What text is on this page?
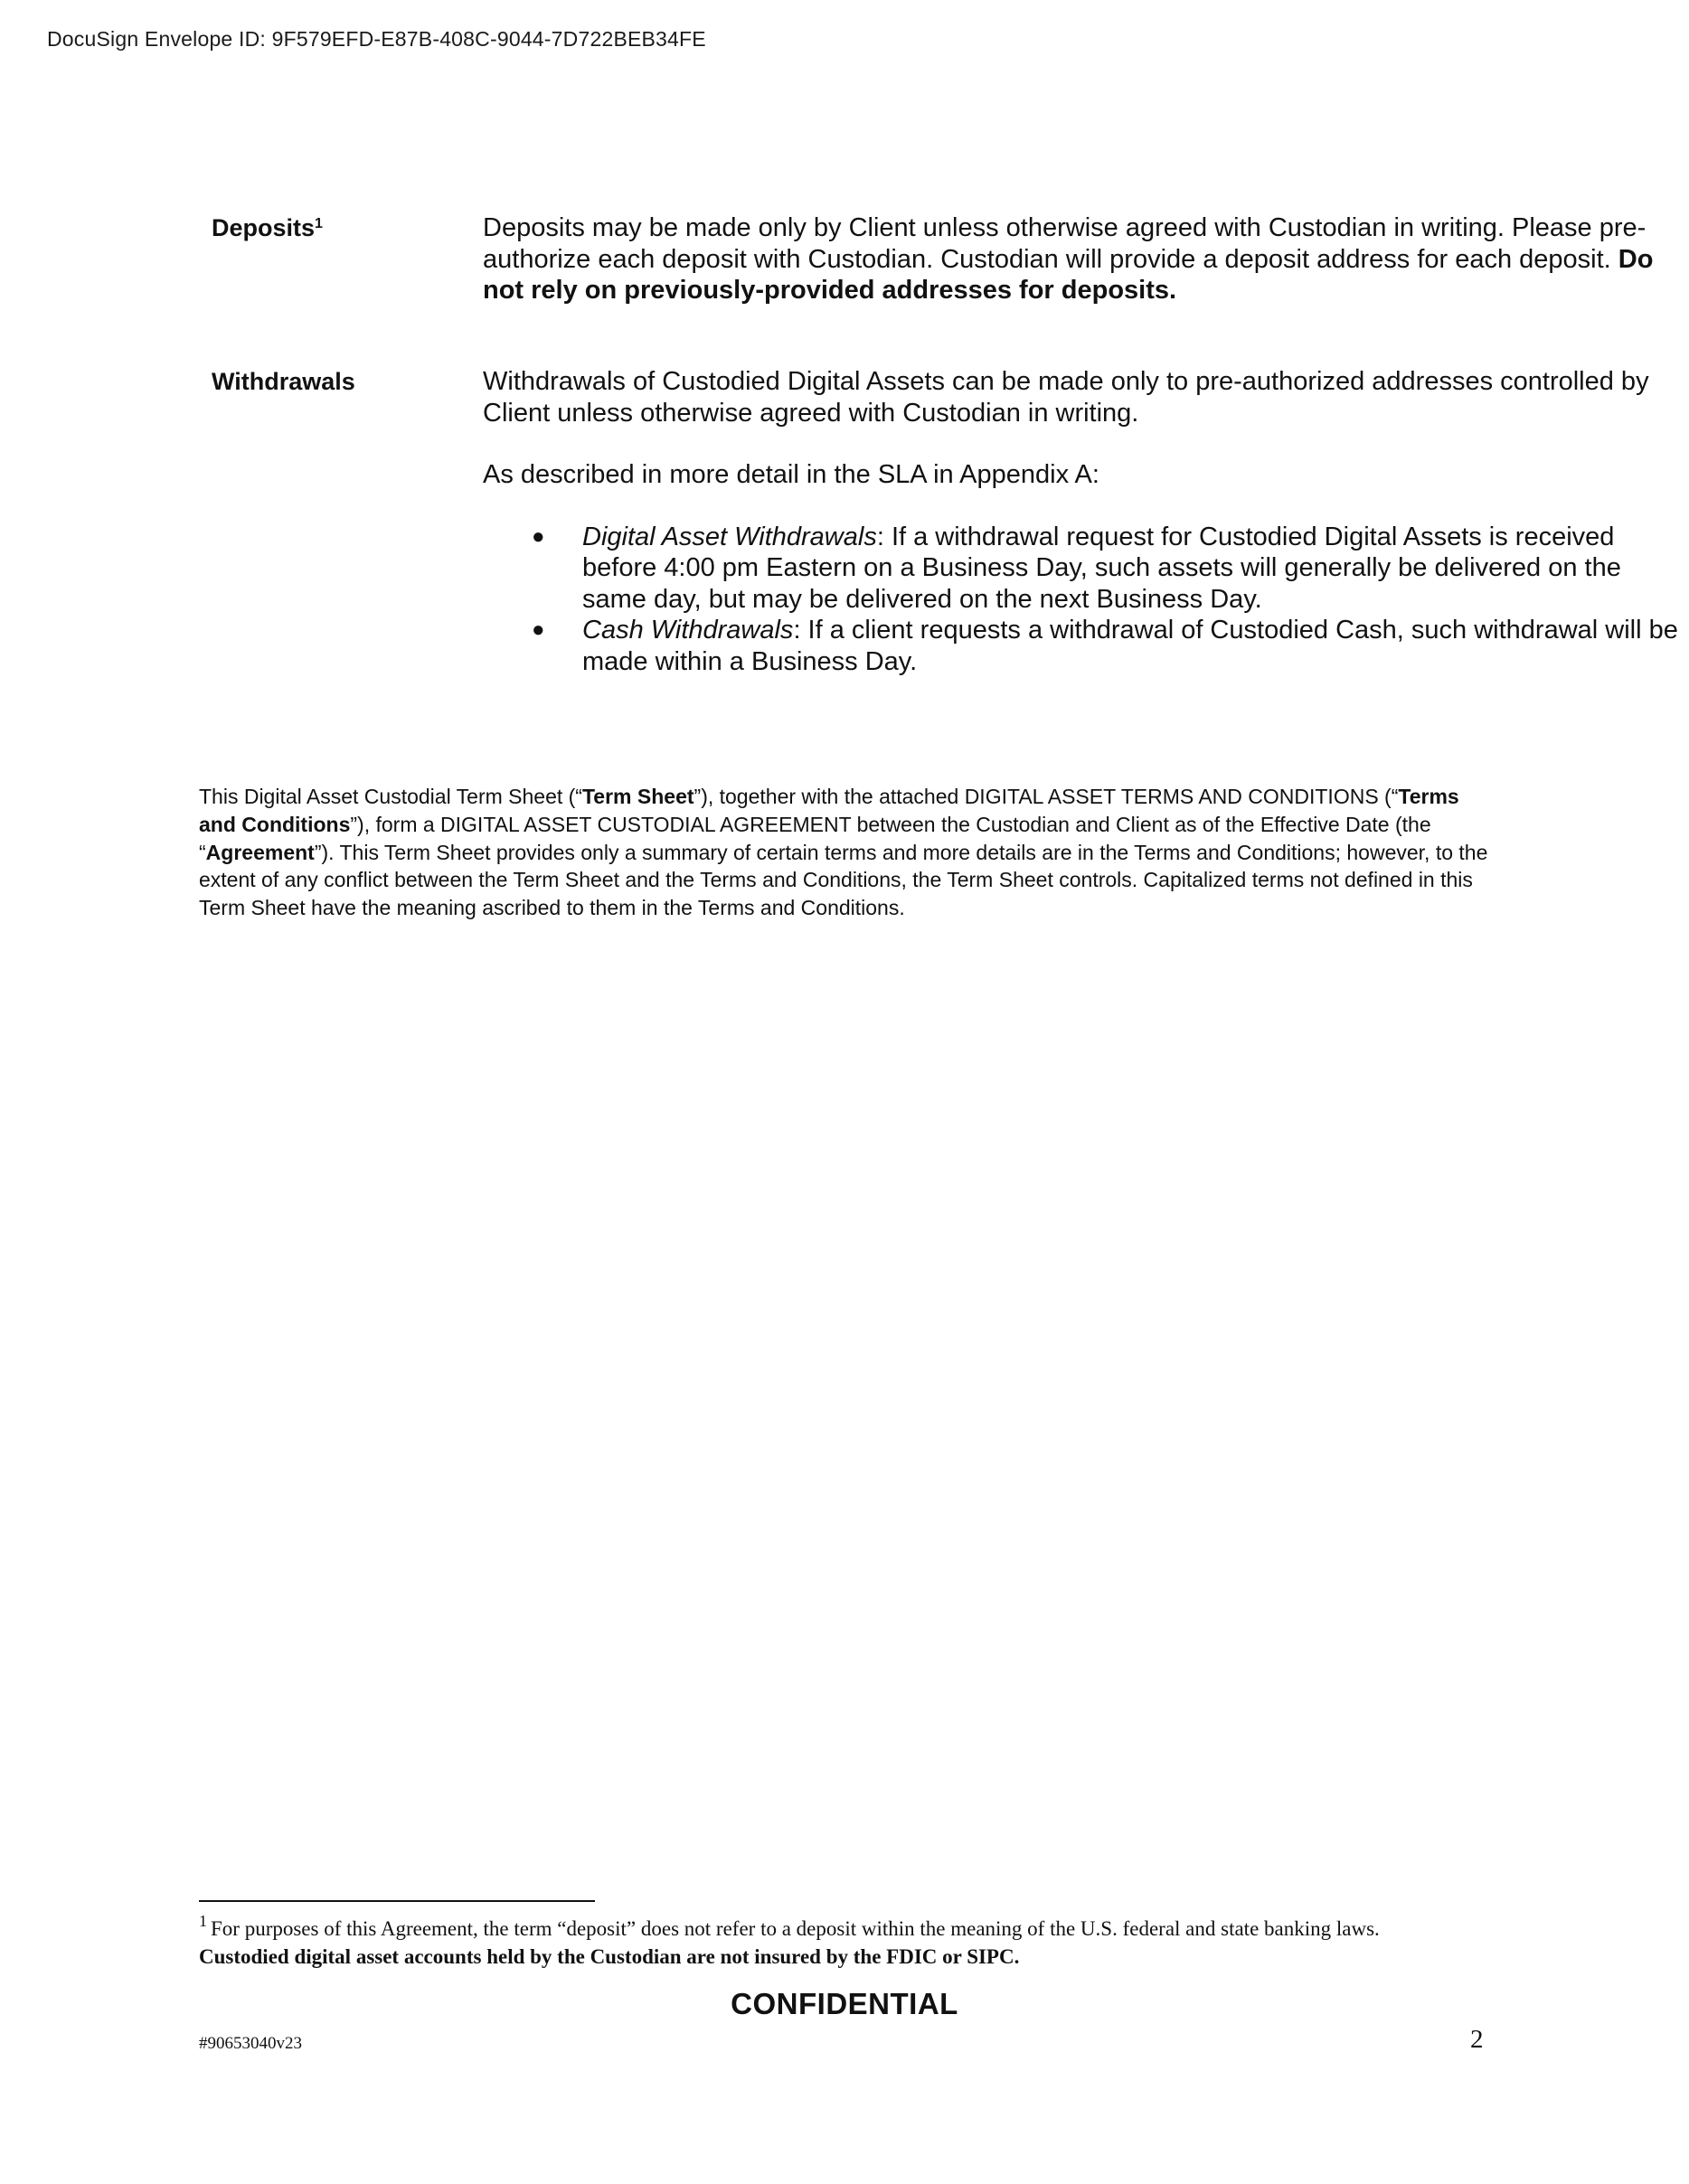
DocuSign Envelope ID: 9F579EFD-E87B-408C-9044-7D722BEB34FE
Deposits$^1$	Deposits may be made only by Client unless otherwise agreed with Custodian in writing. Please pre-authorize each deposit with Custodian. Custodian will provide a deposit address for each deposit. Do not rely on previously-provided addresses for deposits.

Withdrawals	Withdrawals of Custodied Digital Assets can be made only to pre-authorized addresses controlled by Client unless otherwise agreed with Custodian in writing.

As described in more detail in the SLA in Appendix A:

● Digital Asset Withdrawals: If a withdrawal request for Custodied Digital Assets is received before 4:00 pm Eastern on a Business Day, such assets will generally be delivered on the same day, but may be delivered on the next Business Day.
● Cash Withdrawals: If a client requests a withdrawal of Custodied Cash, such withdrawal will be made within a Business Day.
This Digital Asset Custodial Term Sheet (“Term Sheet”), together with the attached DIGITAL ASSET TERMS AND CONDITIONS (“Terms and Conditions”), form a DIGITAL ASSET CUSTODIAL AGREEMENT between the Custodian and Client as of the Effective Date (the “Agreement”). This Term Sheet provides only a summary of certain terms and more details are in the Terms and Conditions; however, to the extent of any conflict between the Term Sheet and the Terms and Conditions, the Term Sheet controls. Capitalized terms not defined in this Term Sheet have the meaning ascribed to them in the Terms and Conditions.
$^1$ For purposes of this Agreement, the term “deposit” does not refer to a deposit within the meaning of the U.S. federal and state banking laws.
Custodied digital asset accounts held by the Custodian are not insured by the FDIC or SIPC.
CONFIDENTIAL
#90653040v23	2
